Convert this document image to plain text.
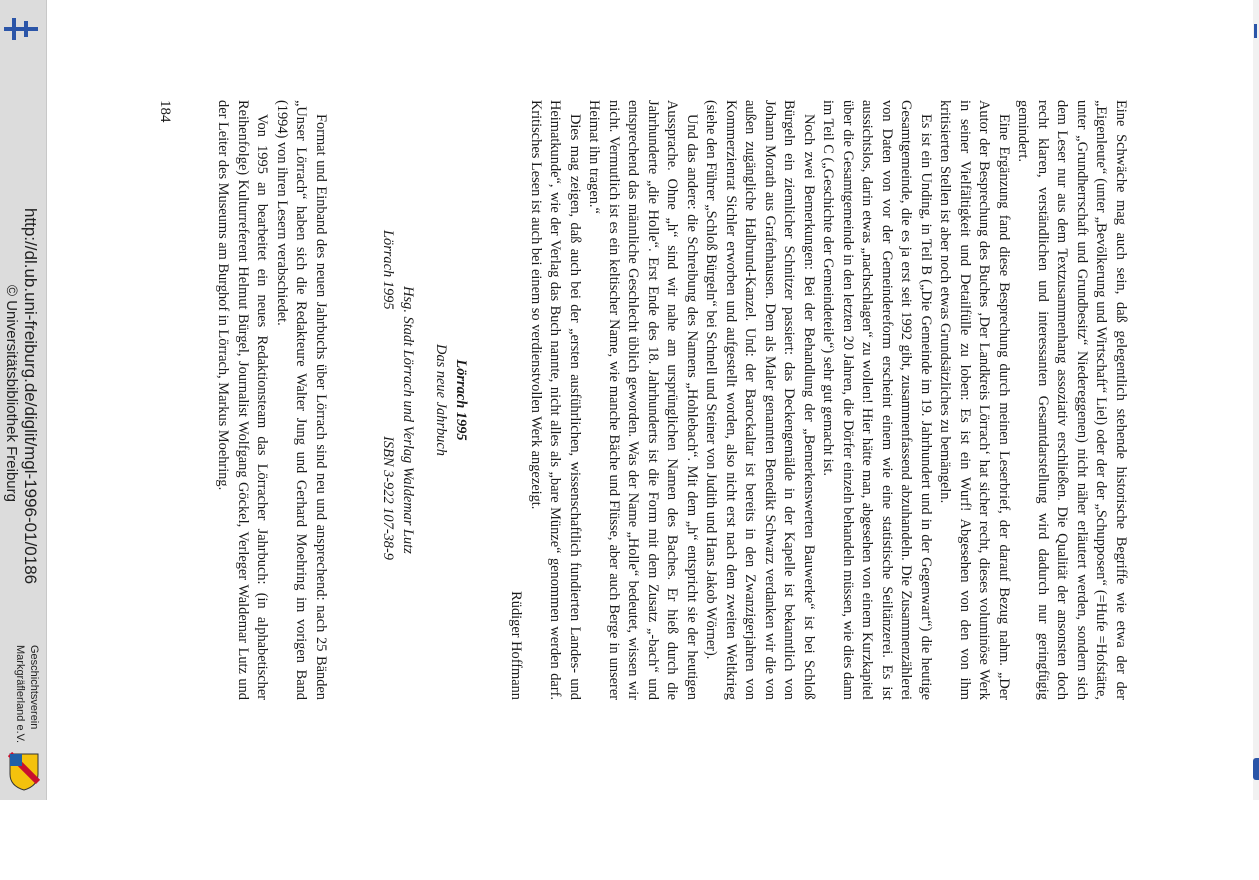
http://dl.ub.uni-freiburg.de/diglit/mgl-1996-01/0186
© Universitätsbibliothek Freiburg
Geschichtsverein
Markgräflerland e.V.	Eine Schwäche mag auch sein, daß gelegentlich stehende historische Begriffe wie etwa der der „Eigenleute“ (unter „Bevölkerung und Wirtschaft“ Liel) oder der der „Schupposen“ (=Hufe =Hofstätte, unter „Grundherrschaft und Grundbesitz“ Niedereggenen) nicht näher erläutert werden, sondern sich dem Leser nur aus dem Textzusammenhang assoziativ erschließen. Die Qualität der ansonsten doch recht klaren, verständlichen und interessanten Gesamtdarstellung wird dadurch nur geringfügig gemindert.

Eine Ergänzung fand diese Besprechung durch meinen Leserbrief, der darauf Bezug nahm. „Der Autor der Besprechung des Buches ‚Der Landkreis Lörrach‘ hat sicher recht, dieses voluminöse Werk in seiner Vielfältigkeit und Detailfülle zu loben: Es ist ein Wurf! Abgesehen von den von ihm kritisierten Stellen ist aber noch etwas Grundsätzliches zu bemängeln.

Es ist ein Unding, in Teil B („Die Gemeinde im 19. Jahrhundert und in der Gegenwart“) die heutige Gesamtgemeinde, die es ja erst seit 1992 gibt, zusammenfassend abzuhandeln. Die Zusammenzählerei von Daten von vor der Gemeindereform erscheint einem wie eine statistische Seiltänzerei. Es ist aussichtslos, darin etwas „nachschlagen“ zu wollen! Hier hätte man, abgesehen von einem Kurzkapitel über die Gesamtgemeinde in den letzten 20 Jahren, die Dörfer einzeln behandeln müssen, wie dies dann im Teil C („Geschichte der Gemeindeteile“) sehr gut gemacht ist.

Noch zwei Bemerkungen: Bei der Behandlung der „Bemerkenswerten Bauwerke“ ist bei Schloß Bürgeln ein ziemlicher Schnitzer passiert: das Deckengemälde in der Kapelle ist bekanntlich von Johann Morath aus Grafenhausen. Dem als Maler genannten Benedikt Schwarz verdanken wir die von außen zugängliche Halbrund-Kanzel. Und: der Barockaltar ist bereits in den Zwanzigerjahren von Kommerzienrat Sichler erworben und aufgestellt worden, also nicht erst nach dem zweiten Weltkrieg (siehe den Führer „Schloß Bürgeln“ bei Schnell und Steiner von Judith und Hans Jakob Wörner).

Und das andere: die Schreibung des Namens „Hohlebach“. Mit dem „h“ entspricht sie der heutigen Aussprache. Ohne „h“ sind wir nahe am ursprünglichen Namen des Baches. Er hieß durch die Jahrhunderte „die Holle“. Erst Ende des 18. Jahrhunderts ist die Form mit dem Zusatz „-bach“ und entsprechend das männliche Geschlecht üblich geworden. Was der Name „Holle“ bedeutet, wissen wir nicht. Vermutlich ist es ein keltischer Name, wie manche Bäche und Flüsse, aber auch Berge in unserer Heimat ihn tragen.“

Dies mag zeigen, daß auch bei der „ersten ausführlichen, wissenschaftlich fundierten Landes- und Heimatkunde“, wie der Verlag das Buch nannte, nicht alles als „bare Münze“ genommen werden darf. Kritisches Lesen ist auch bei einem so verdienstvollen Werk angezeigt.

Rüdiger Hoffmann

Lörrach 1995

Das neue Jahrbuch

Hsg. Stadt Lörrach und Verlag Waldemar Lutz

Lörrach 1995
ISBN 3-922 107-38-9

Format und Einband des neuen Jahrbuchs über Lörrach sind neu und ansprechend: nach 25 Bänden „Unser Lörrach“ haben sich die Redakteure Walter Jung und Gerhard Moehring im vorigen Band (1994) von ihren Lesern verabschiedet.

Von 1995 an bearbeitet ein neues Redaktionsteam das Lörracher Jahrbuch: (in alphabetischer Reihenfolge) Kulturreferent Helmut Bürgel, Journalist Wolfgang Göckel, Verleger Waldemar Lutz und der Leiter des Museums am Burghof in Lörrach, Markus Moehring.

184
